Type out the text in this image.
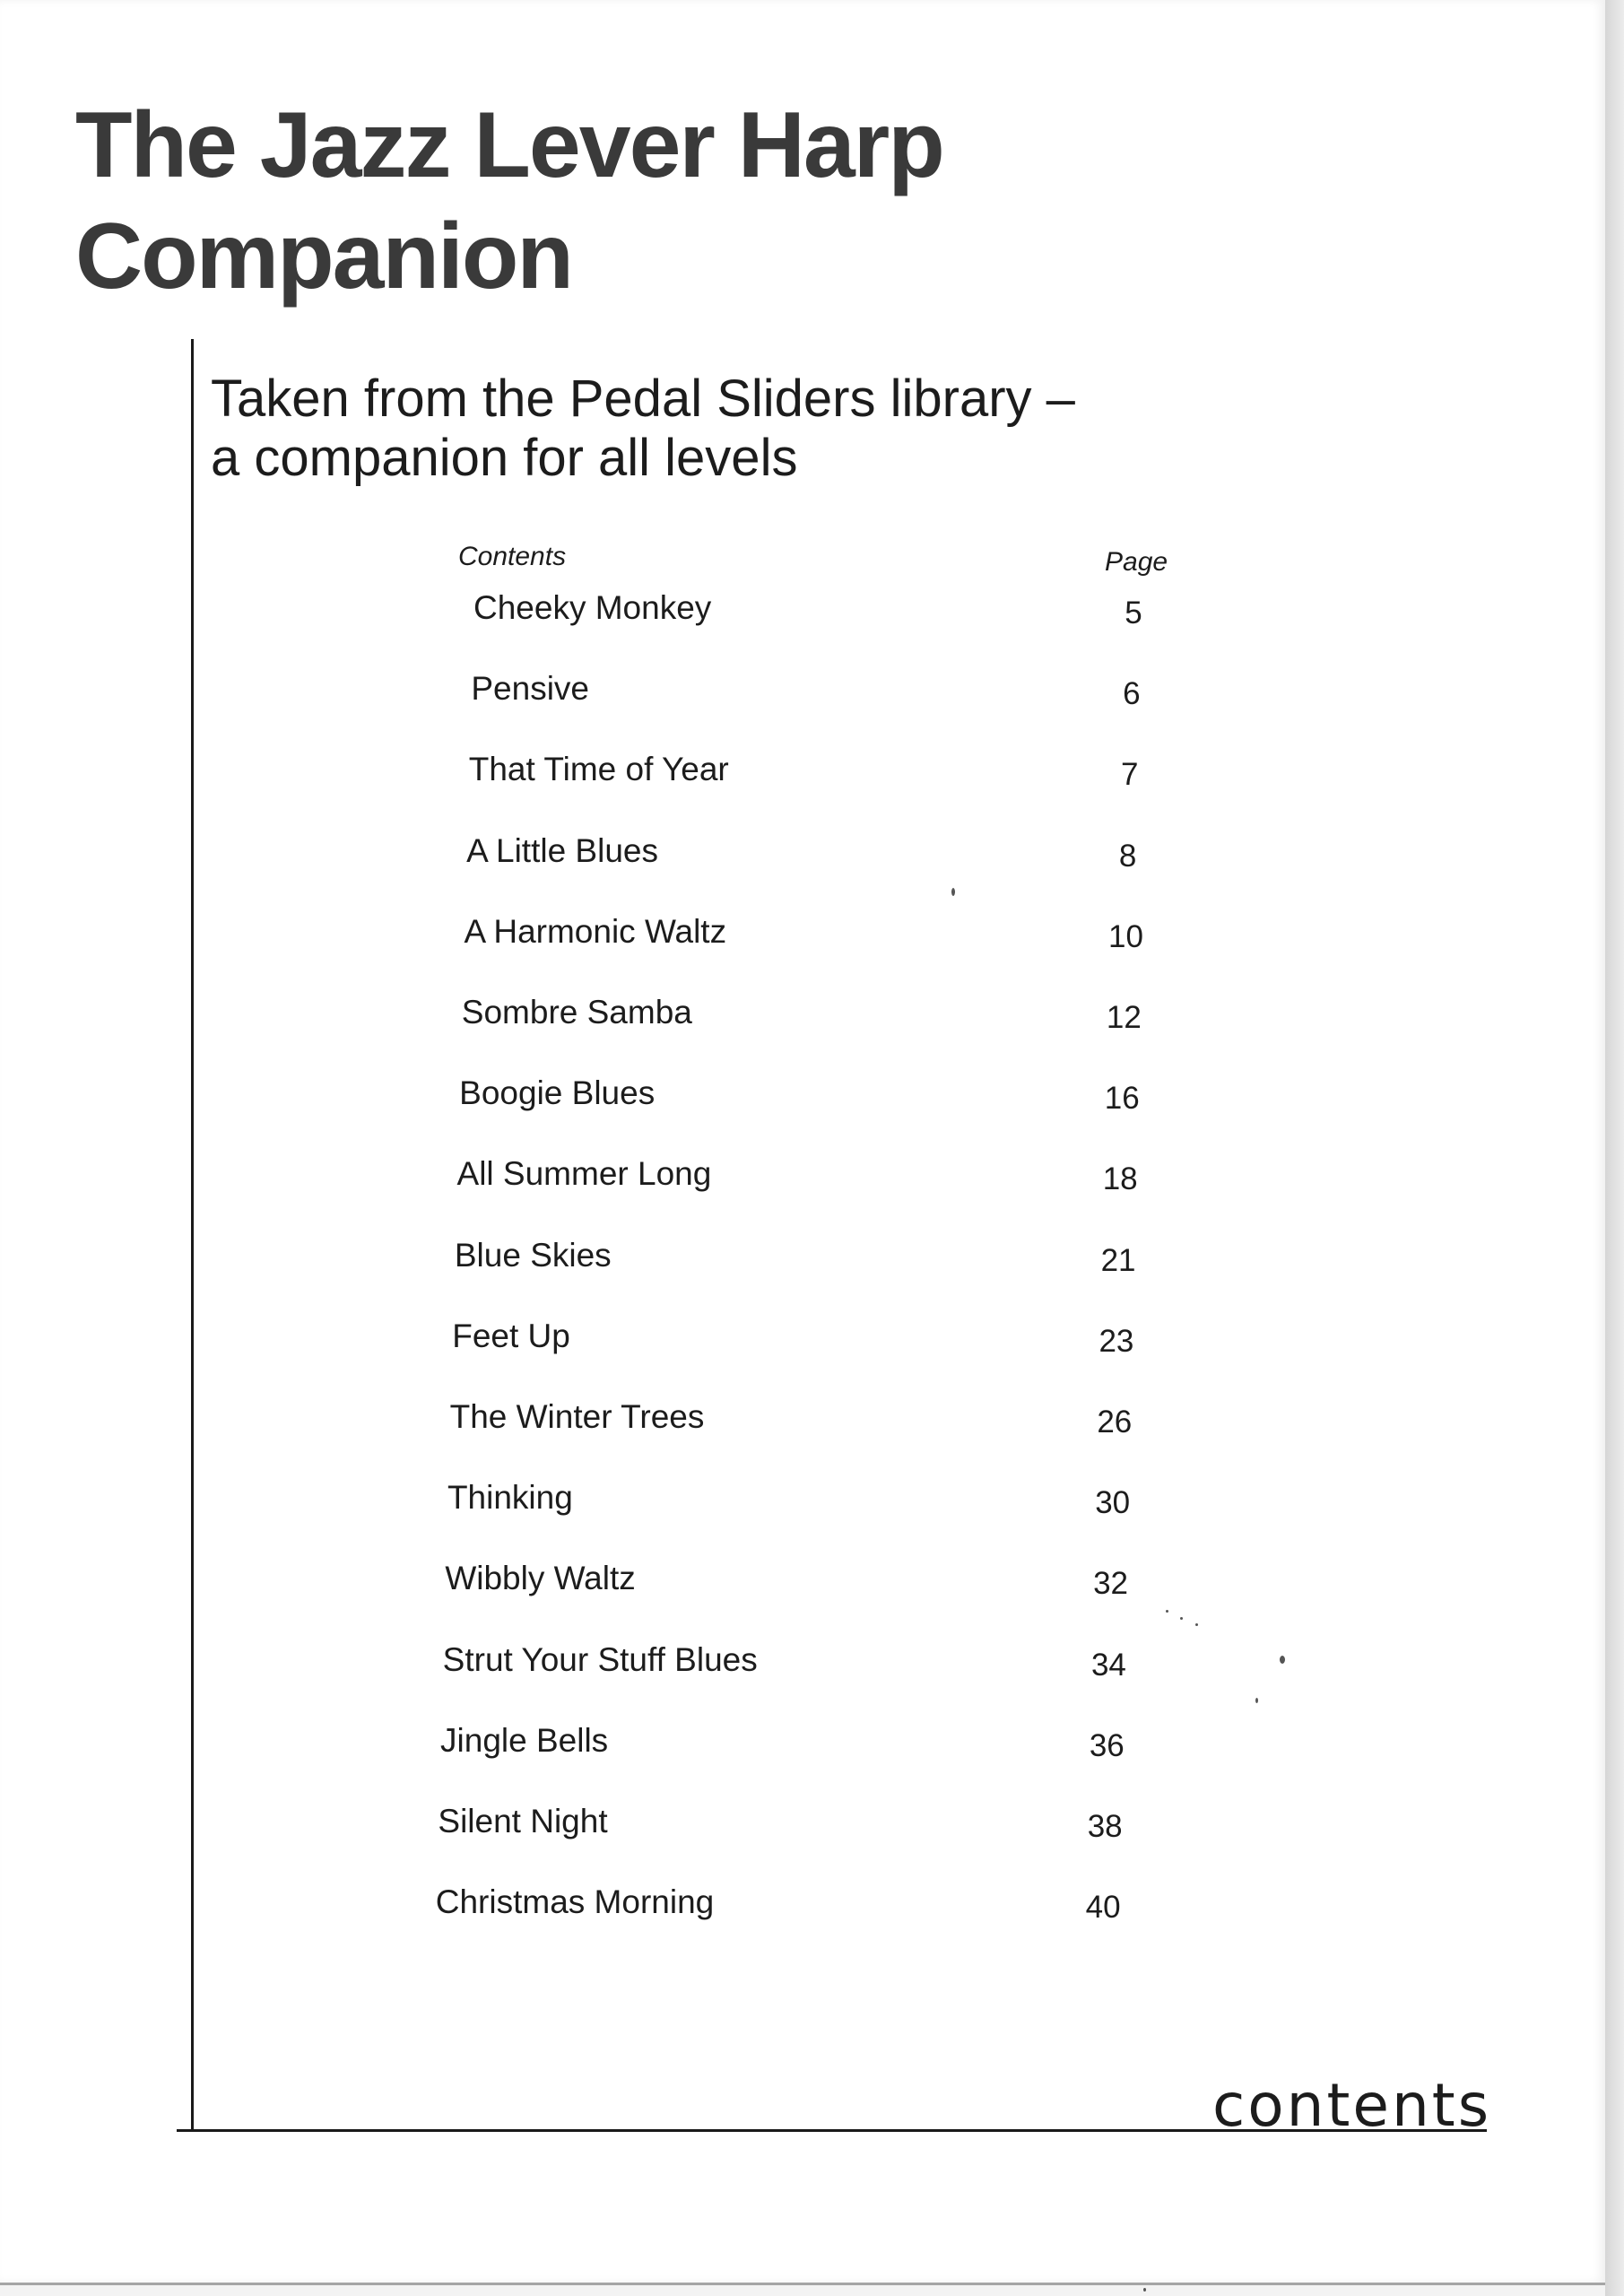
The Jazz Lever Harp
Companion
Taken from the Pedal Sliders library –
a companion for all levels
Contents	Page
Cheeky Monkey	5
Pensive	6
That Time of Year	7
A Little Blues	8
A Harmonic Waltz	10
Sombre Samba	12
Boogie Blues	16
All Summer Long	18
Blue Skies	21
Feet Up	23
The Winter Trees	26
Thinking	30
Wibbly Waltz	32
Strut Your Stuff Blues	34
Jingle Bells	36
Silent Night	38
Christmas Morning	40
contents
